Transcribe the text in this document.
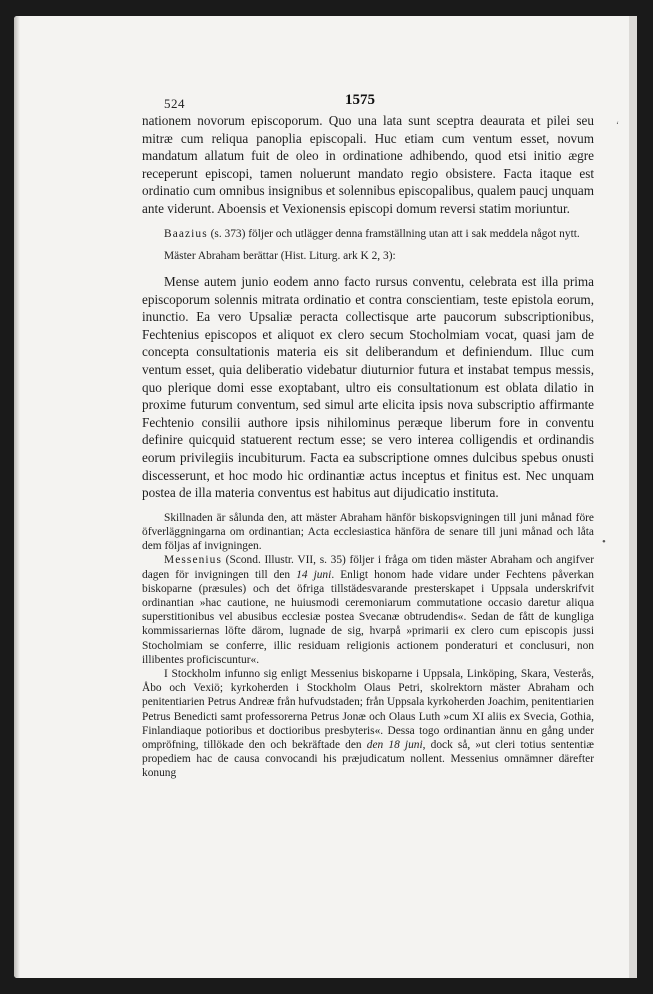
524	1575
‘
•

nationem novorum episcoporum. Quo una lata sunt sceptra deaurata et pilei seu mitræ cum reliqua panoplia episcopali. Huc etiam cum ventum esset, novum mandatum allatum fuit de oleo in ordinatione adhibendo, quod etsi initio ægre receperunt episcopi, tamen noluerunt mandato regio obsistere. Facta itaque est ordinatio cum omnibus insignibus et solennibus episcopalibus, qualem paucj unquam ante viderunt. Aboensis et Vexionensis episcopi domum reversi statim moriuntur.

Baazius (s. 373) följer och utlägger denna framställning utan att i sak meddela något nytt.

Mäster Abraham berättar (Hist. Liturg. ark K 2, 3):

Mense autem junio eodem anno facto rursus conventu, celebrata est illa prima episcoporum solennis mitrata ordinatio et contra conscientiam, teste epistola eorum, inunctio. Ea vero Upsaliæ peracta collectisque arte paucorum subscriptionibus, Fechtenius episcopos et aliquot ex clero secum Stocholmiam vocat, quasi jam de concepta consultationis materia eis sit deliberandum et definiendum. Illuc cum ventum esset, quia deliberatio videbatur diuturnior futura et instabat tempus messis, quo plerique domi esse exoptabant, ultro eis consultationum est oblata dilatio in proxime futurum conventum, sed simul arte elicita ipsis nova subscriptio affirmante Fechtenio consilii authore ipsis nihilominus peræque liberum fore in conventu definire quicquid statuerent rectum esse; se vero interea colligendis et ordinandis eorum privilegiis incubiturum. Facta ea subscriptione omnes dulcibus spebus onusti discesserunt, et hoc modo hic ordinantiæ actus inceptus et finitus est. Nec unquam postea de illa materia conventus est habitus aut dijudicatio instituta.

Skillnaden är sålunda den, att mäster Abraham hänför biskopsvigningen till juni månad före öfverläggningarna om ordinantian; Acta ecclesiastica hänföra de senare till juni månad och låta dem följas af invigningen.

Messenius (Scond. Illustr. VII, s. 35) följer i fråga om tiden mäster Abraham och angifver dagen för invigningen till den 14 juni. Enligt honom hade vidare under Fechtens påverkan biskoparne (præsules) och det öfriga tillstädesvarande presterskapet i Uppsala underskrifvit ordinantian »hac cautione, ne huiusmodi ceremoniarum commutatione occasio daretur aliqua superstitionibus vel abusibus ecclesiæ postea Svecanæ obtrudendis«. Sedan de fått de kungliga kommissariernas löfte därom, lugnade de sig, hvarpå »primarii ex clero cum episcopis jussi Stocholmiam se conferre, illic residuam religionis actionem ponderaturi et conclusuri, non illibentes proficiscuntur«.

I Stockholm infunno sig enligt Messenius biskoparne i Uppsala, Linköping, Skara, Vesterås, Åbo och Vexiö; kyrkoherden i Stockholm Olaus Petri, skolrektorn mäster Abraham och penitentiarien Petrus Andreæ från hufvudstaden; från Uppsala kyrkoherden Joachim, penitentiarien Petrus Benedicti samt professorerna Petrus Jonæ och Olaus Luth »cum XI aliis ex Svecia, Gothia, Finlandiaque potioribus et doctioribus presbyteris«. Dessa togo ordinantian ännu en gång under ompröfning, tillökade den och bekräftade den den 18 juni, dock så, »ut cleri totius sententiæ propediem hac de causa convocandi his præjudicatum nollent. Messenius omnämner därefter konung
